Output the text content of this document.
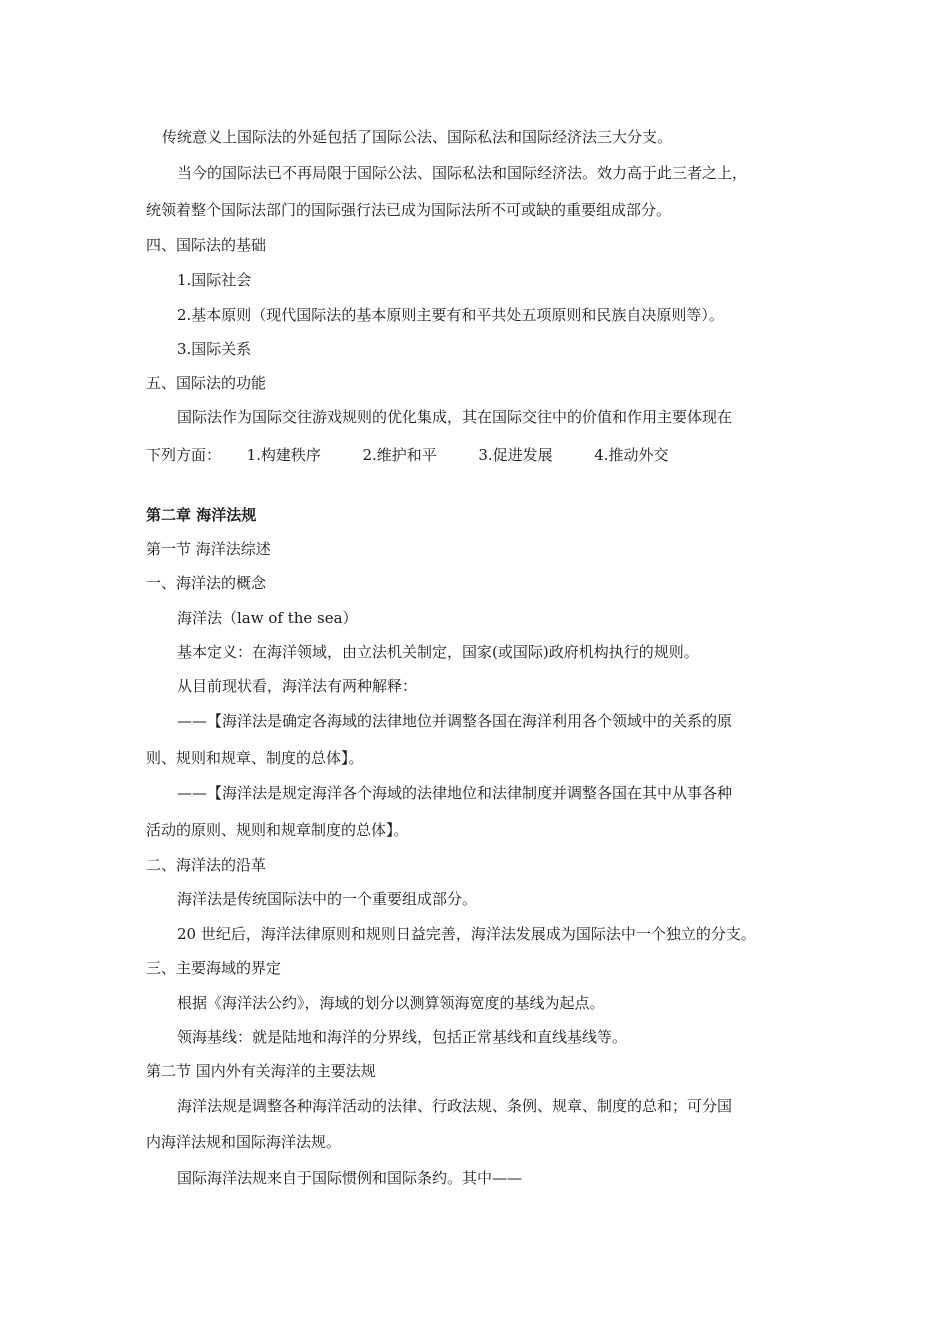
传统意义上国际法的外延包括了国际公法、国际私法和国际经济法三大分支。
当今的国际法已不再局限于国际公法、国际私法和国际经济法。效力高于此三者之上，
统领着整个国际法部门的国际强行法已成为国际法所不可或缺的重要组成部分。
四、国际法的基础
1.国际社会
2.基本原则（现代国际法的基本原则主要有和平共处五项原则和民族自决原则等）。
3.国际关系
五、国际法的功能
国际法作为国际交往游戏规则的优化集成，其在国际交往中的价值和作用主要体现在
下列方面： 1.构建秩序	2.维护和平	3.促进发展	4.推动外交
第二章 海洋法规
第一节 海洋法综述
一、海洋法的概念
海洋法（law of the sea）
基本定义：在海洋领域，由立法机关制定，国家(或国际)政府机构执行的规则。
从目前现状看，海洋法有两种解释：
——【海洋法是确定各海域的法律地位并调整各国在海洋利用各个领域中的关系的原
则、规则和规章、制度的总体】。
——【海洋法是规定海洋各个海域的法律地位和法律制度并调整各国在其中从事各种
活动的原则、规则和规章制度的总体】。
二、海洋法的沿革
海洋法是传统国际法中的一个重要组成部分。
20 世纪后，海洋法律原则和规则日益完善，海洋法发展成为国际法中一个独立的分支。
三、主要海域的界定
根据《海洋法公约》，海域的划分以测算领海宽度的基线为起点。
领海基线：就是陆地和海洋的分界线，包括正常基线和直线基线等。
第二节 国内外有关海洋的主要法规
海洋法规是调整各种海洋活动的法律、行政法规、条例、规章、制度的总和；可分国
内海洋法规和国际海洋法规。
国际海洋法规来自于国际惯例和国际条约。其中——
